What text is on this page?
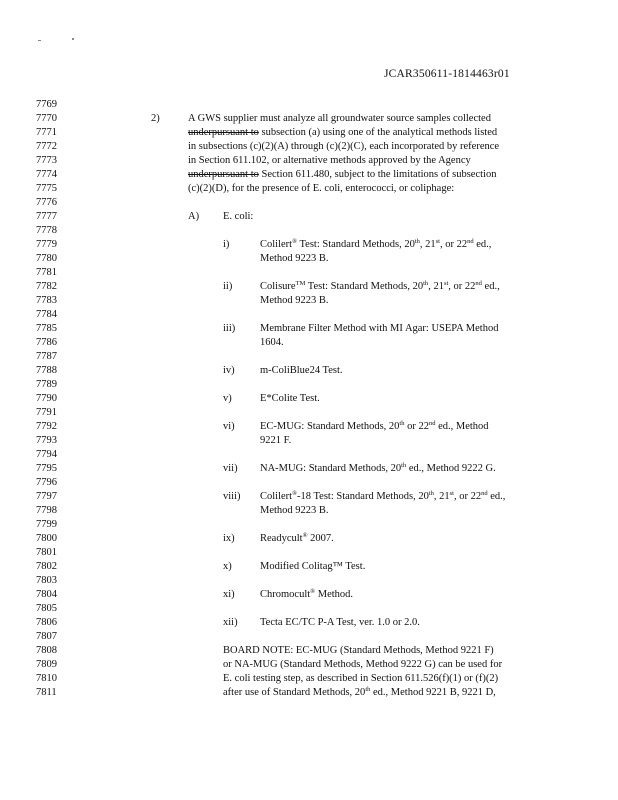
JCAR350611-1814463r01
7769
7770
7771
7772
7773
7774
7775
7776
7777
7778
7779
7780
7781
7782
7783
7784
7785
7786
7787
7788
7789
7790
7791
7792
7793
7794
7795
7796
7797
7798
7799
7800
7801
7802
7803
7804
7805
7806
7807
7808
7809
7810
7811
2)	A GWS supplier must analyze all groundwater source samples collected
underpursuant to subsection (a) using one of the analytical methods listed
in subsections (c)(2)(A) through (c)(2)(C), each incorporated by reference
in Section 611.102, or alternative methods approved by the Agency
underpursuant to Section 611.480, subject to the limitations of subsection
(c)(2)(D), for the presence of E. coli, enterococci, or coliphage:
A) E. coli:
i)	Colilert® Test: Standard Methods, 20th, 21st, or 22nd ed.,
Method 9223 B.
ii)	Colisure™ Test: Standard Methods, 20th, 21st, or 22nd ed.,
Method 9223 B.
iii) Membrane Filter Method with MI Agar: USEPA Method
1604.
iv) m-ColiBlue24 Test.
v)	E*Colite Test.
vi) EC-MUG: Standard Methods, 20th or 22nd ed., Method
9221 F.
vii) NA-MUG: Standard Methods, 20th ed., Method 9222 G.
viii) Colilert®-18 Test: Standard Methods, 20th, 21st, or 22nd ed.,
Method 9223 B.
ix) Readycult® 2007.
x)	Modified Colitag™ Test.
xi) Chromocult® Method.
xii) Tecta EC/TC P-A Test, ver. 1.0 or 2.0.
BOARD NOTE: EC-MUG (Standard Methods, Method 9221 F)
or NA-MUG (Standard Methods, Method 9222 G) can be used for
E. coli testing step, as described in Section 611.526(f)(1) or (f)(2)
after use of Standard Methods, 20th ed., Method 9221 B, 9221 D,
